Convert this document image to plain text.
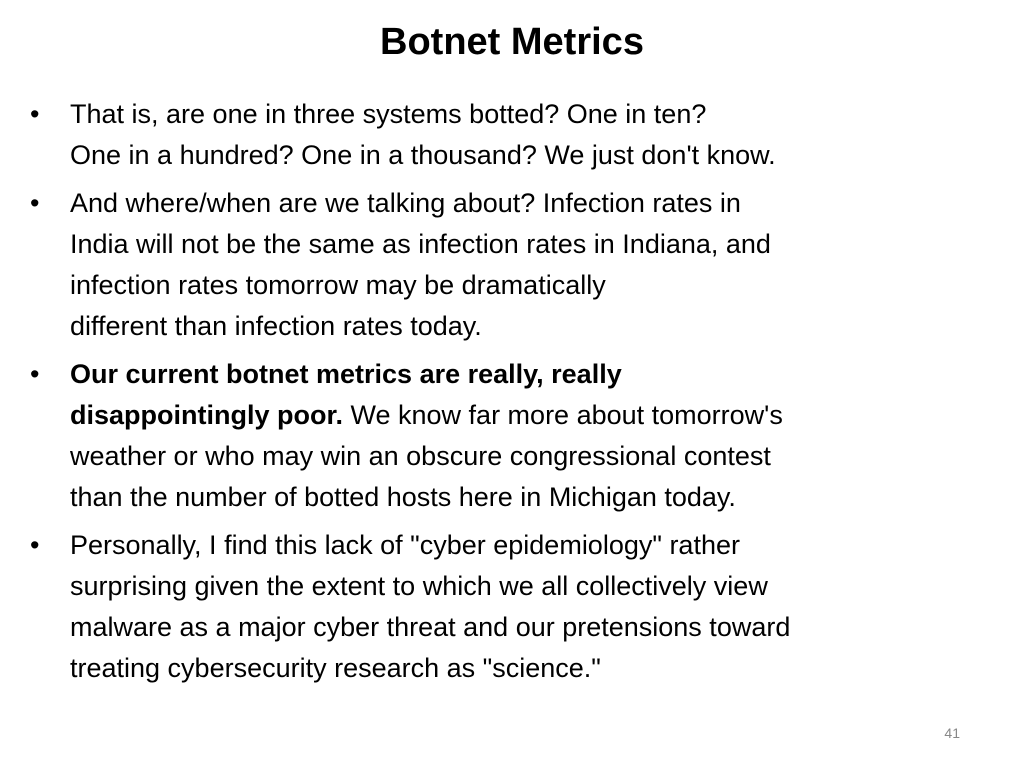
Botnet Metrics
• That is, are one in three systems botted? One in ten?
One in a hundred? One in a thousand? We just don't know.
• And where/when are we talking about? Infection rates in
India will not be the same as infection rates in Indiana, and
infection rates tomorrow may be dramatically
different than infection rates today.
• Our current botnet metrics are really, really
disappointingly poor. We know far more about tomorrow's
weather or who may win an obscure congressional contest
than the number of botted hosts here in Michigan today.
• Personally, I find this lack of "cyber epidemiology" rather
surprising given the extent to which we all collectively view
malware as a major cyber threat and our pretensions toward
treating cybersecurity research as "science."
41
